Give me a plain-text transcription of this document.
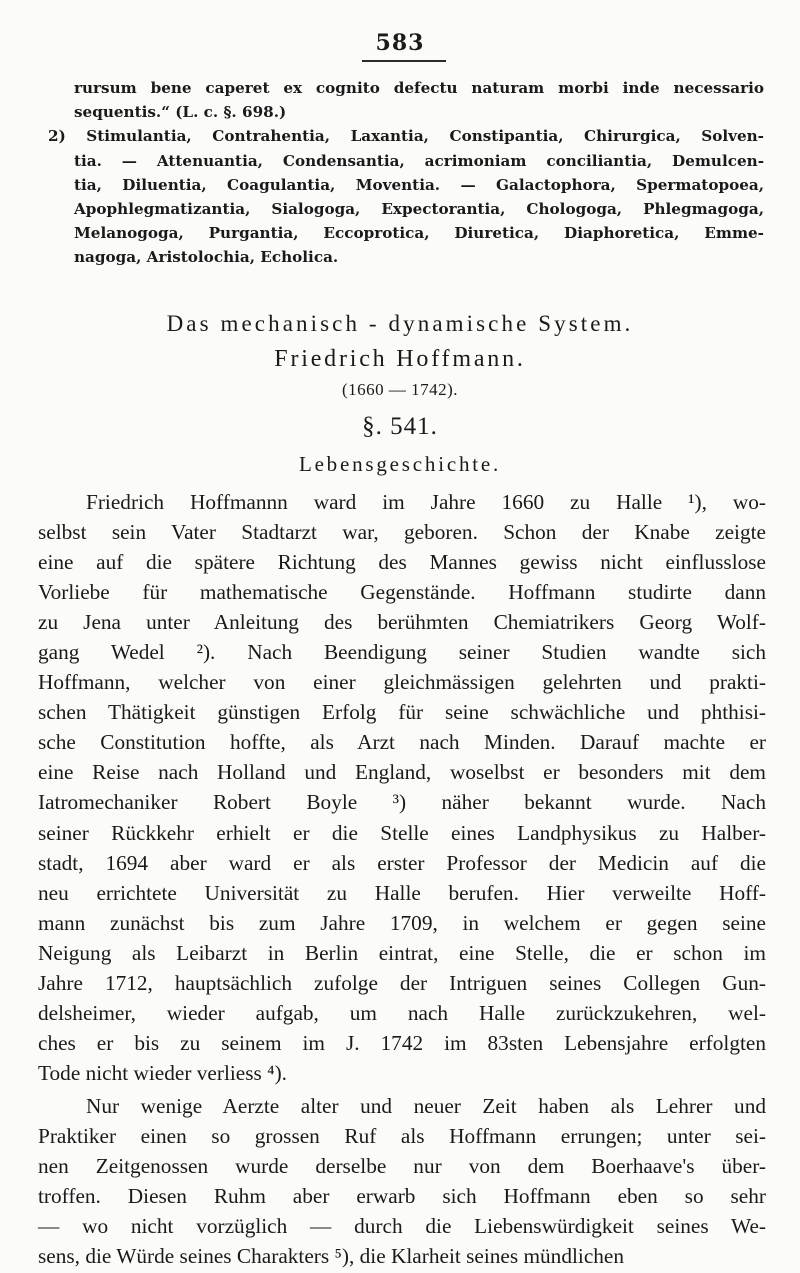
583
rursum bene caperet ex cognito defectu naturam morbi inde necessario
sequentis.“ (L. c. §. 698.)
2) Stimulantia, Contrahentia, Laxantia, Constipantia, Chirurgica, Solven-
tia. — Attenuantia, Condensantia, acrimoniam conciliantia, Demulcen-
tia, Diluentia, Coagulantia, Moventia. — Galactophora, Spermatopoea,
Apophlegmatizantia, Sialogoga, Expectorantia, Chologoga, Phlegmagoga,
Melanogoga, Purgantia, Eccoprotica, Diuretica, Diaphoretica, Emme-
nagoga, Aristolochia, Echolica.
Das mechanisch - dynamische System.
Friedrich Hoffmann.
(1660 — 1742).
§. 541.
Lebensgeschichte.
Friedrich Hoffmannn ward im Jahre 1660 zu Halle ¹), wo-
selbst sein Vater Stadtarzt war, geboren. Schon der Knabe zeigte
eine auf die spätere Richtung des Mannes gewiss nicht einflusslose
Vorliebe für mathematische Gegenstände. Hoffmann studirte dann
zu Jena unter Anleitung des berühmten Chemiatrikers Georg Wolf-
gang Wedel ²). Nach Beendigung seiner Studien wandte sich
Hoffmann, welcher von einer gleichmässigen gelehrten und prakti-
schen Thätigkeit günstigen Erfolg für seine schwächliche und phthisi-
sche Constitution hoffte, als Arzt nach Minden. Darauf machte er
eine Reise nach Holland und England, woselbst er besonders mit dem
Iatromechaniker Robert Boyle ³) näher bekannt wurde. Nach
seiner Rückkehr erhielt er die Stelle eines Landphysikus zu Halber-
stadt, 1694 aber ward er als erster Professor der Medicin auf die
neu errichtete Universität zu Halle berufen. Hier verweilte Hoff-
mann zunächst bis zum Jahre 1709, in welchem er gegen seine
Neigung als Leibarzt in Berlin eintrat, eine Stelle, die er schon im
Jahre 1712, hauptsächlich zufolge der Intriguen seines Collegen Gun-
delsheimer, wieder aufgab, um nach Halle zurückzukehren, wel-
ches er bis zu seinem im J. 1742 im 83sten Lebensjahre erfolgten
Tode nicht wieder verliess ⁴).
Nur wenige Aerzte alter und neuer Zeit haben als Lehrer und
Praktiker einen so grossen Ruf als Hoffmann errungen; unter sei-
nen Zeitgenossen wurde derselbe nur von dem Boerhaave's über-
troffen. Diesen Ruhm aber erwarb sich Hoffmann eben so sehr
— wo nicht vorzüglich — durch die Liebenswürdigkeit seines We-
sens, die Würde seines Charakters ⁵), die Klarheit seines mündlichen
